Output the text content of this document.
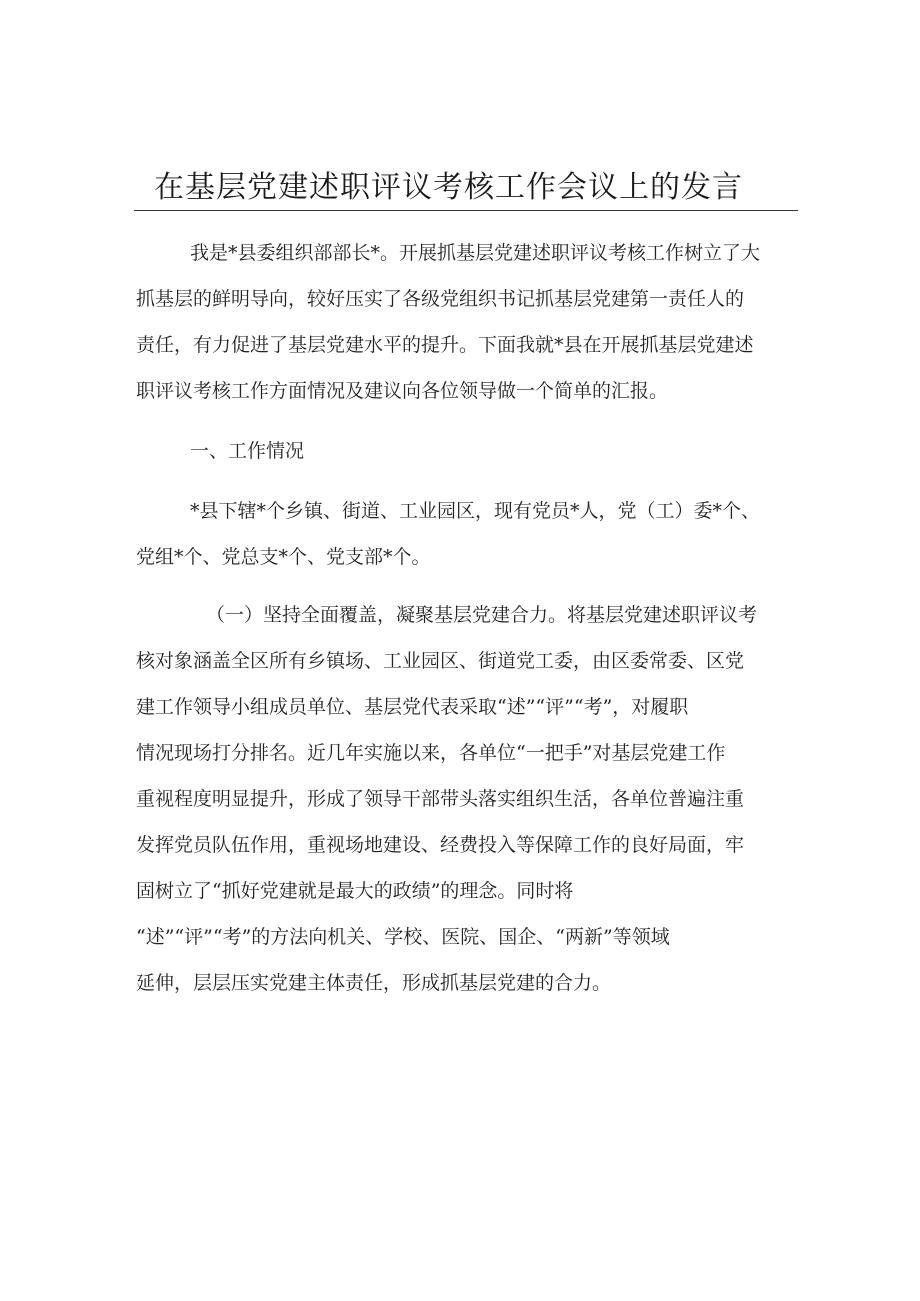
在基层党建述职评议考核工作会议上的发言
我是*县委组织部部长*。开展抓基层党建述职评议考核工作树立了大
抓基层的鲜明导向，较好压实了各级党组织书记抓基层党建第一责任人的
责任，有力促进了基层党建水平的提升。下面我就*县在开展抓基层党建述
职评议考核工作方面情况及建议向各位领导做一个简单的汇报。
一、工作情况
*县下辖*个乡镇、街道、工业园区，现有党员*人，党（工）委*个、
党组*个、党总支*个、党支部*个。
（一）坚持全面覆盖，凝聚基层党建合力。将基层党建述职评议考
核对象涵盖全区所有乡镇场、工业园区、街道党工委，由区委常委、区党
建工作领导小组成员单位、基层党代表采取“述”“评”“考”，对履职
情况现场打分排名。近几年实施以来，各单位“一把手”对基层党建工作
重视程度明显提升，形成了领导干部带头落实组织生活，各单位普遍注重
发挥党员队伍作用，重视场地建设、经费投入等保障工作的良好局面，牢
固树立了“抓好党建就是最大的政绩”的理念。同时将
“述”“评”“考”的方法向机关、学校、医院、国企、“两新”等领域
延伸，层层压实党建主体责任，形成抓基层党建的合力。
